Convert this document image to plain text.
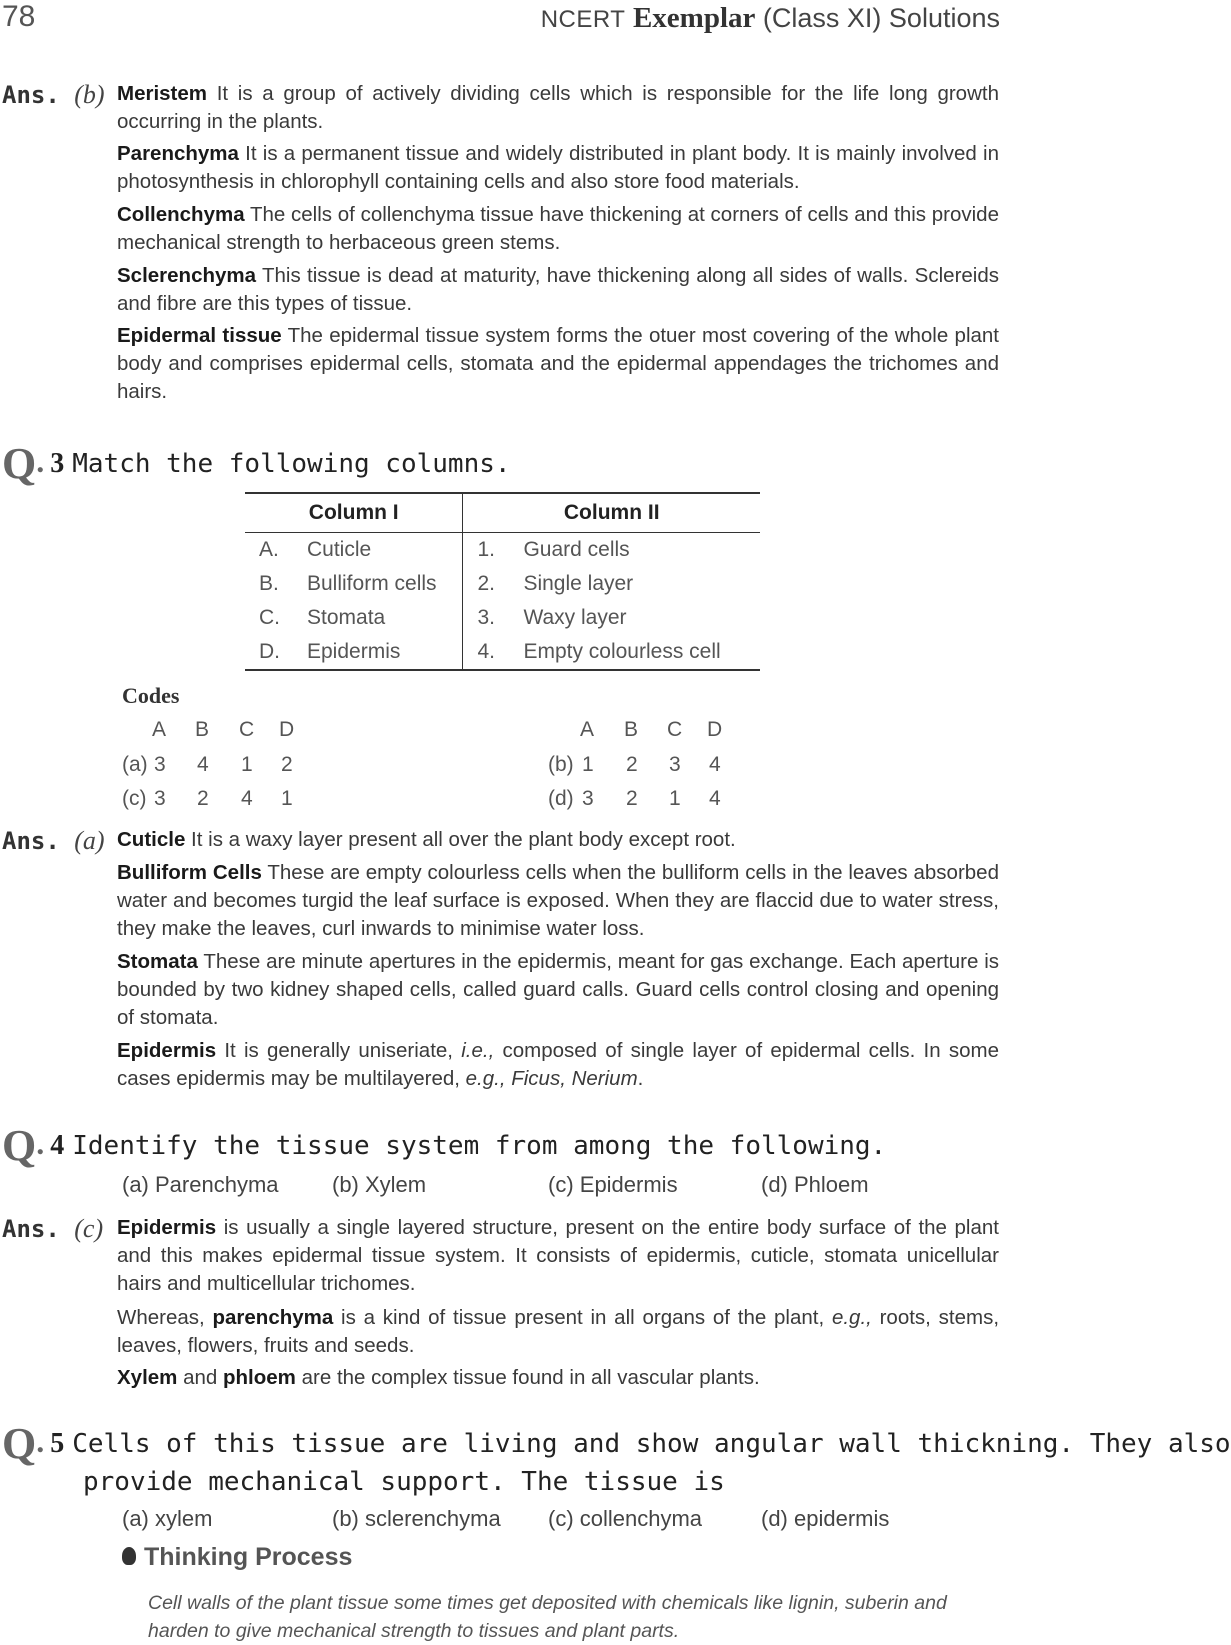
78	NCERT Exemplar (Class XI) Solutions
Ans. (b) Meristem It is a group of actively dividing cells which is responsible for the life long growth occurring in the plants.
Parenchyma It is a permanent tissue and widely distributed in plant body. It is mainly involved in photosynthesis in chlorophyll containing cells and also store food materials.
Collenchyma The cells of collenchyma tissue have thickening at corners of cells and this provide mechanical strength to herbaceous green stems.
Sclerenchyma This tissue is dead at maturity, have thickening along all sides of walls. Sclereids and fibre are this types of tissue.
Epidermal tissue The epidermal tissue system forms the otuer most covering of the whole plant body and comprises epidermal cells, stomata and the epidermal appendages the trichomes and hairs.
Q. 3 Match the following columns.
Column I		Column II	
A.	Cuticle	1.	Guard cells
B.	Bulliform cells	2.	Single layer
C.	Stomata	3.	Waxy layer
D.	Epidermis	4.	Empty colourless cell
Codes
A B C D	A B C D
(a) 3 4 1 2	(b) 1 2 3 4
(c) 3 2 4 1	(d) 3 2 1 4
Ans. (a) Cuticle It is a waxy layer present all over the plant body except root.
Bulliform Cells These are empty colourless cells when the bulliform cells in the leaves absorbed water and becomes turgid the leaf surface is exposed. When they are flaccid due to water stress, they make the leaves, curl inwards to minimise water loss.
Stomata These are minute apertures in the epidermis, meant for gas exchange. Each aperture is bounded by two kidney shaped cells, called guard calls. Guard cells control closing and opening of stomata.
Epidermis It is generally uniseriate, i.e., composed of single layer of epidermal cells. In some cases epidermis may be multilayered, e.g., Ficus, Nerium.
Q. 4 Identify the tissue system from among the following.
(a) Parenchyma (b) Xylem	(c) Epidermis	(d) Phloem
Ans. (c) Epidermis is usually a single layered structure, present on the entire body surface of the plant and this makes epidermal tissue system. It consists of epidermis, cuticle, stomata unicellular hairs and multicellular trichomes.
Whereas, parenchyma is a kind of tissue present in all organs of the plant, e.g., roots, stems, leaves, flowers, fruits and seeds.
Xylem and phloem are the complex tissue found in all vascular plants.
Q. 5 Cells of this tissue are living and show angular wall thickning. They also
provide mechanical support. The tissue is
(a) xylem	(b) sclerenchyma (c) collenchyma	(d) epidermis
Thinking Process
Cell walls of the plant tissue some times get deposited with chemicals like lignin, suberin and harden to give mechanical strength to tissues and plant parts.
